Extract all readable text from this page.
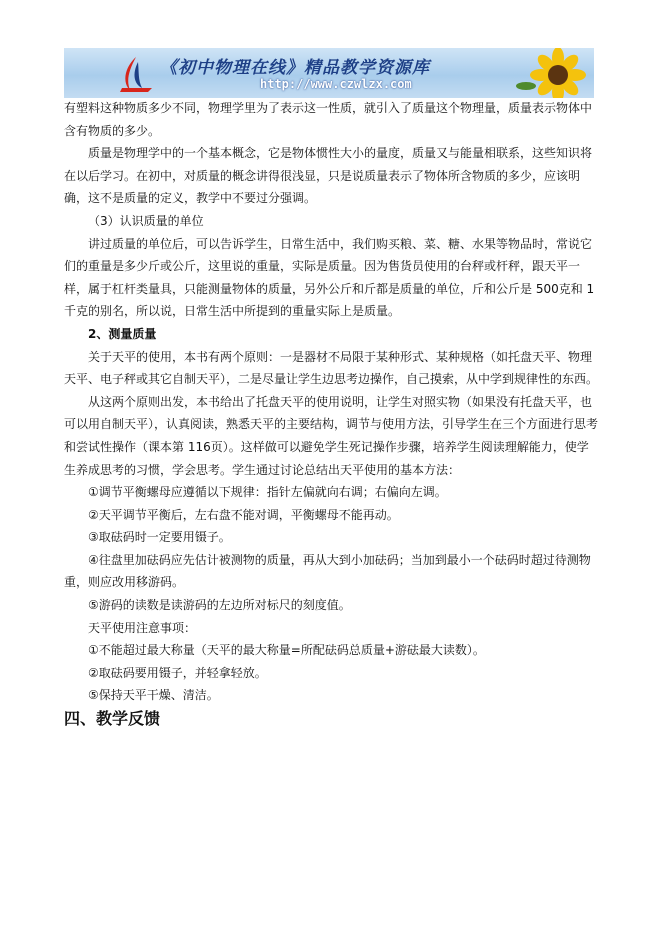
《初中物理在线》精品教学资源库
http://www.czwlzx.com

有塑料这种物质多少不同，物理学里为了表示这一性质，就引入了质量这个物理量，质量表示物体中含有物质的多少。

质量是物理学中的一个基本概念，它是物体惯性大小的量度，质量又与能量相联系，这些知识将在以后学习。在初中，对质量的概念讲得很浅显，只是说质量表示了物体所含物质的多少，应该明确，这不是质量的定义，教学中不要过分强调。

（3）认识质量的单位

讲过质量的单位后，可以告诉学生，日常生活中，我们购买粮、菜、糖、水果等物品时，常说它们的重量是多少斤或公斤，这里说的重量，实际是质量。因为售货员使用的台秤或杆秤，跟天平一样，属于杠杆类量具，只能测量物体的质量，另外公斤和斤都是质量的单位，斤和公斤是 500克和 1 千克的别名，所以说，日常生活中所提到的重量实际上是质量。

2、测量质量

关于天平的使用，本书有两个原则：一是器材不局限于某种形式、某种规格（如托盘天平、物理天平、电子秤或其它自制天平），二是尽量让学生边思考边操作，自己摸索，从中学到规律性的东西。

从这两个原则出发，本书给出了托盘天平的使用说明，让学生对照实物（如果没有托盘天平，也可以用自制天平），认真阅读，熟悉天平的主要结构，调节与使用方法，引导学生在三个方面进行思考和尝试性操作（课本第 116页）。这样做可以避免学生死记操作步骤，培养学生阅读理解能力，使学生养成思考的习惯，学会思考。学生通过讨论总结出天平使用的基本方法：

①调节平衡螺母应遵循以下规律：指针左偏就向右调；右偏向左调。

②天平调节平衡后，左右盘不能对调，平衡螺母不能再动。

③取砝码时一定要用镊子。

④往盘里加砝码应先估计被测物的质量，再从大到小加砝码；当加到最小一个砝码时超过待测物重，则应改用移游码。

⑤游码的读数是读游码的左边所对标尺的刻度值。

天平使用注意事项：

①不能超过最大称量（天平的最大称量=所配砝码总质量+游砝最大读数）。

②取砝码要用镊子，并轻拿轻放。

⑤保持天平干燥、清洁。

四、教学反馈
